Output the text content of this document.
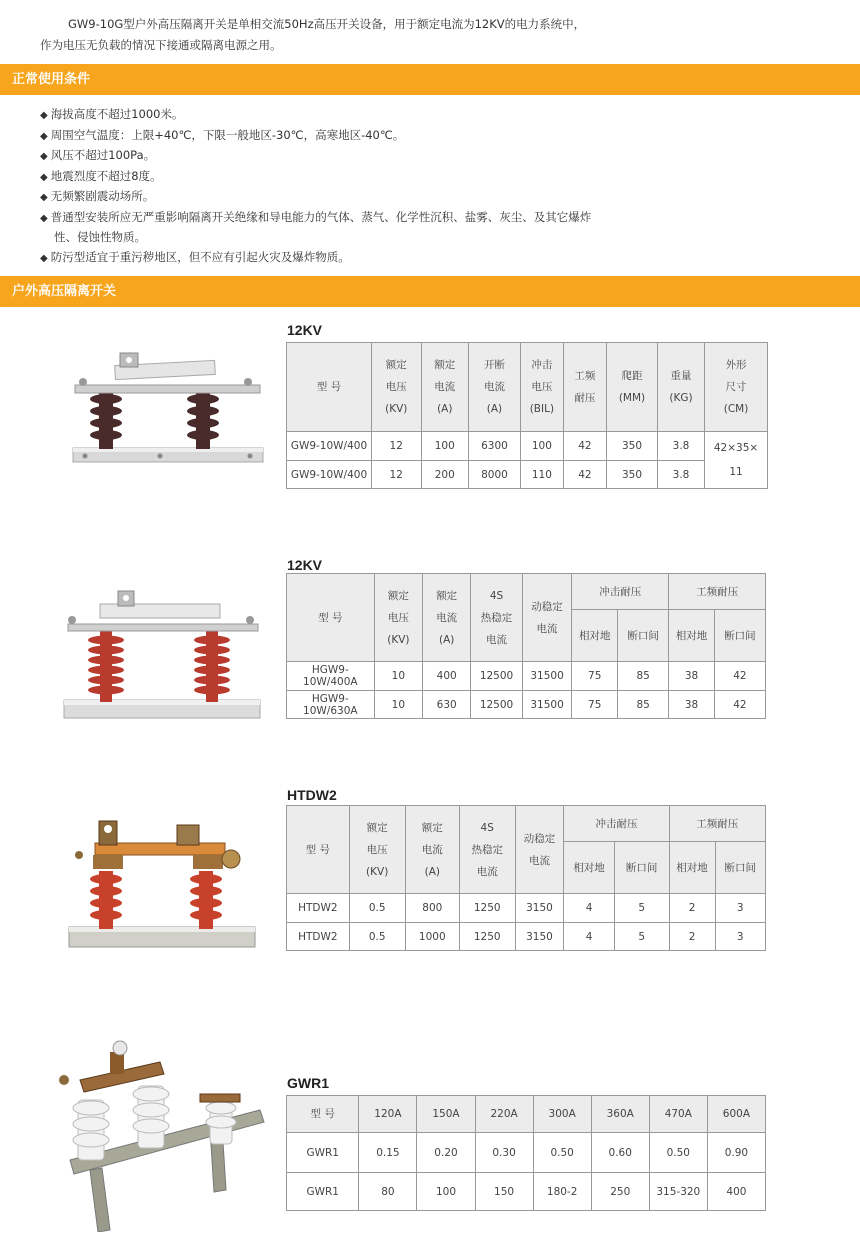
GW9-10G型户外高压隔离开关是单相交流50Hz高压开关设备，用于额定电流为12KV的电力系统中，

作为电压无负载的情况下接通或隔离电源之用。

正常使用条件
◆ 海拔高度不超过1000米。
◆ 周围空气温度：上限+40℃，下限一般地区-30℃，高寒地区-40℃。
◆ 风压不超过100Pa。
◆ 地震烈度不超过8度。
◆ 无频繁剧震动场所。
◆ 普通型安装所应无严重影响隔离开关绝缘和导电能力的气体、蒸气、化学性沉积、盐雾、灰尘、及其它爆炸性、侵蚀性物质。
◆ 防污型适宜于重污秽地区，但不应有引起火灾及爆炸物质。
户外高压隔离开关
12KV
型 号	额定
电压
(KV)	额定
电流
(A)	开断
电流
(A)	冲击
电压
(BIL)	工频
耐压	爬距
(MM)	重量
(KG)	外形
尺寸
(CM)
GW9-10W/400	12	100	6300	100	42	350	3.8	42×35×
11
GW9-10W/400	12	200	8000	110	42	350	3.8	
12KV
型 号	额定
电压
(KV)	额定
电流
(A)	4S
热稳定
电流	动稳定
电流	冲击耐压		工频耐压	
					相对地	断口间	相对地	断口间
HGW9-10W/400A	10	400	12500	31500	75	85	38	42
HGW9-10W/630A	10	630	12500	31500	75	85	38	42
HTDW2
型 号	额定
电压
(KV)	额定
电流
(A)	4S
热稳定
电流	动稳定
电流	冲击耐压		工频耐压	
					相对地	断口间	相对地	断口间
HTDW2	0.5	800	1250	3150	4	5	2	3
HTDW2	0.5	1000	1250	3150	4	5	2	3
GWR1
型 号	120A	150A	220A	300A	360A	470A	600A
GWR1	0.15	0.20	0.30	0.50	0.60	0.50	0.90
GWR1	80	100	150	180-2	250	315-320	400
